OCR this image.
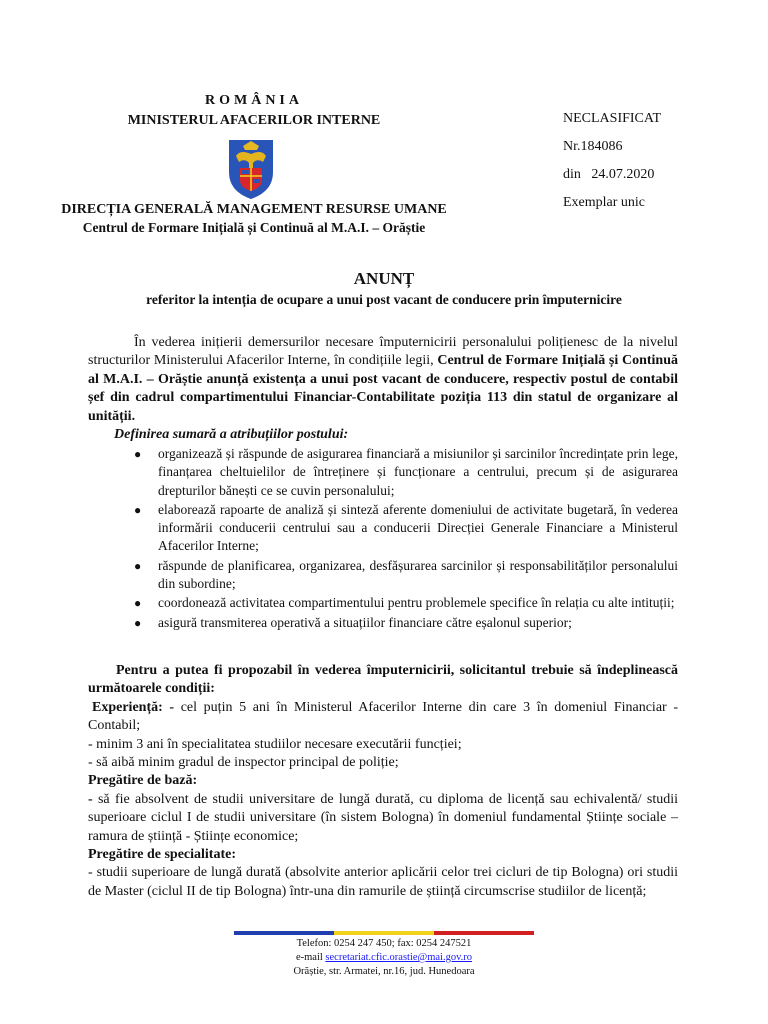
ROMÂNIA
MINISTERUL AFACERILOR INTERNE
DIRECȚIA GENERALĂ MANAGEMENT RESURSE UMANE
Centrul de Formare Inițială și Continuă al M.A.I. – Orăștie
NECLASIFICAT
Nr.184086
din   24.07.2020
Exemplar unic
ANUNȚ
referitor la intenția de ocupare a unui post vacant de conducere prin împuternicire

În vederea inițierii demersurilor necesare împuternicirii personalului polițienesc de la nivelul structurilor Ministerului Afacerilor Interne, în condițiile legii, Centrul de Formare Inițială și Continuă al M.A.I. – Orăștie anunță existența a unui post vacant de conducere, respectiv postul de contabil șef din cadrul compartimentului Financiar-Contabilitate poziția 113 din statul de organizare al unității.

Definirea sumară a atribuțiilor postului:
● organizează și răspunde de asigurarea financiară a misiunilor și sarcinilor încredințate prin lege, finanțarea cheltuielilor de întreținere și funcționare a centrului, precum și de asigurarea drepturilor bănești ce se cuvin personalului;
● elaborează rapoarte de analiză și sinteză aferente domeniului de activitate bugetară, în vederea informării conducerii centrului sau a conducerii Direcției Generale Financiare a Ministerul Afacerilor Interne;
● răspunde de planificarea, organizarea, desfășurarea sarcinilor și responsabilităților personalului din subordine;
● coordonează activitatea compartimentului pentru problemele specifice în relația cu alte intituții;
● asigură transmiterea operativă a situațiilor financiare către eșalonul superior;

Pentru a putea fi propozabil în vederea împuternicirii, solicitantul trebuie să îndeplinească următoarele condiții:

Experiență: - cel puțin 5 ani în Ministerul Afacerilor Interne din care 3 în domeniul Financiar - Contabil;

- minim 3 ani în specialitatea studiilor necesare executării funcției;

- să aibă minim gradul de inspector principal de poliție;

Pregătire de bază:

- să fie absolvent de studii universitare de lungă durată, cu diploma de licență sau echivalentă/ studii superioare ciclul I de studii universitare (în sistem Bologna) în domeniul fundamental Științe sociale – ramura de știință - Științe economice;

Pregătire de specialitate:

- studii superioare de lungă durată (absolvite anterior aplicării celor trei cicluri de tip Bologna) ori studii de Master (ciclul II de tip Bologna) într-una din ramurile de știință circumscrise studiilor de licență;

Telefon: 0254 247 450; fax: 0254 247521
e-mail secretariat.cfic.orastie@mai.gov.ro
Orăștie, str. Armatei, nr.16, jud. Hunedoara
